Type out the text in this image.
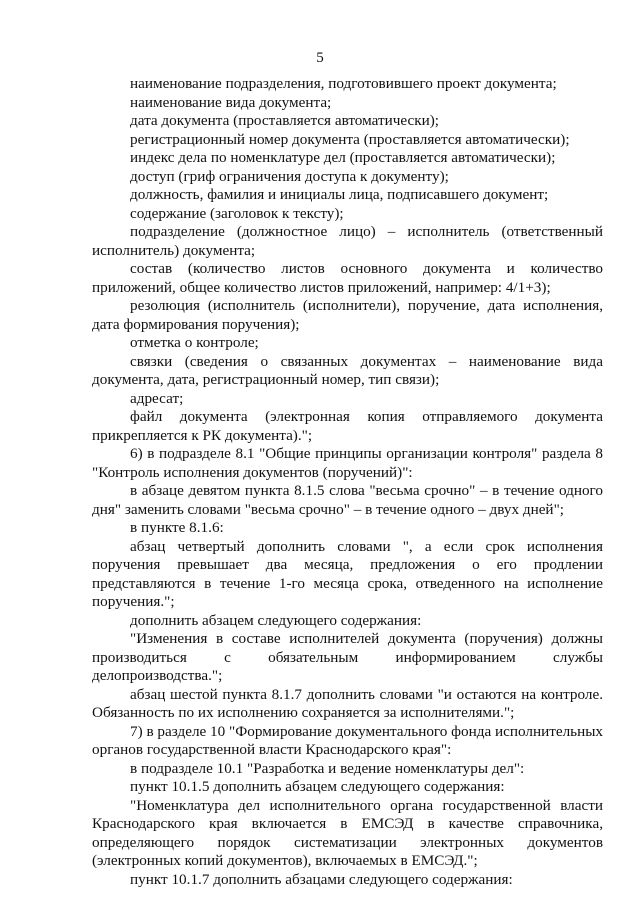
5

наименование подразделения, подготовившего проект документа;

наименование вида документа;

дата документа (проставляется автоматически);

регистрационный номер документа (проставляется автоматически);

индекс дела по номенклатуре дел (проставляется автоматически);

доступ (гриф ограничения доступа к документу);

должность, фамилия и инициалы лица, подписавшего документ;

содержание (заголовок к тексту);

подразделение (должностное лицо) – исполнитель (ответственный исполнитель) документа;

состав (количество листов основного документа и количество приложений, общее количество листов приложений, например: 4/1+3);

резолюция (исполнитель (исполнители), поручение, дата исполнения, дата формирования поручения);

отметка о контроле;

связки (сведения о связанных документах – наименование вида документа, дата, регистрационный номер, тип связи);

адресат;

файл документа (электронная копия отправляемого документа прикрепляется к РК документа).";

6) в подразделе 8.1 "Общие принципы организации контроля" раздела 8 "Контроль исполнения документов (поручений)":

в абзаце девятом пункта 8.1.5 слова "весьма срочно" – в течение одного дня" заменить словами "весьма срочно" – в течение одного – двух дней";

в пункте 8.1.6:

абзац четвертый дополнить словами ", а если срок исполнения поручения превышает два месяца, предложения о его продлении представляются в течение 1-го месяца срока, отведенного на исполнение поручения.";

дополнить абзацем следующего содержания:

"Изменения в составе исполнителей документа (поручения) должны производиться с обязательным информированием службы делопроизводства.";

абзац шестой пункта 8.1.7 дополнить словами "и остаются на контроле. Обязанность по их исполнению сохраняется за исполнителями.";

7) в разделе 10 "Формирование документального фонда исполнительных органов государственной власти Краснодарского края":

в подразделе 10.1 "Разработка и ведение номенклатуры дел":

пункт 10.1.5 дополнить абзацем следующего содержания:

"Номенклатура дел исполнительного органа государственной власти Краснодарского края включается в ЕМСЭД в качестве справочника, определяющего порядок систематизации электронных документов (электронных копий документов), включаемых в ЕМСЭД.";

пункт 10.1.7 дополнить абзацами следующего содержания:
